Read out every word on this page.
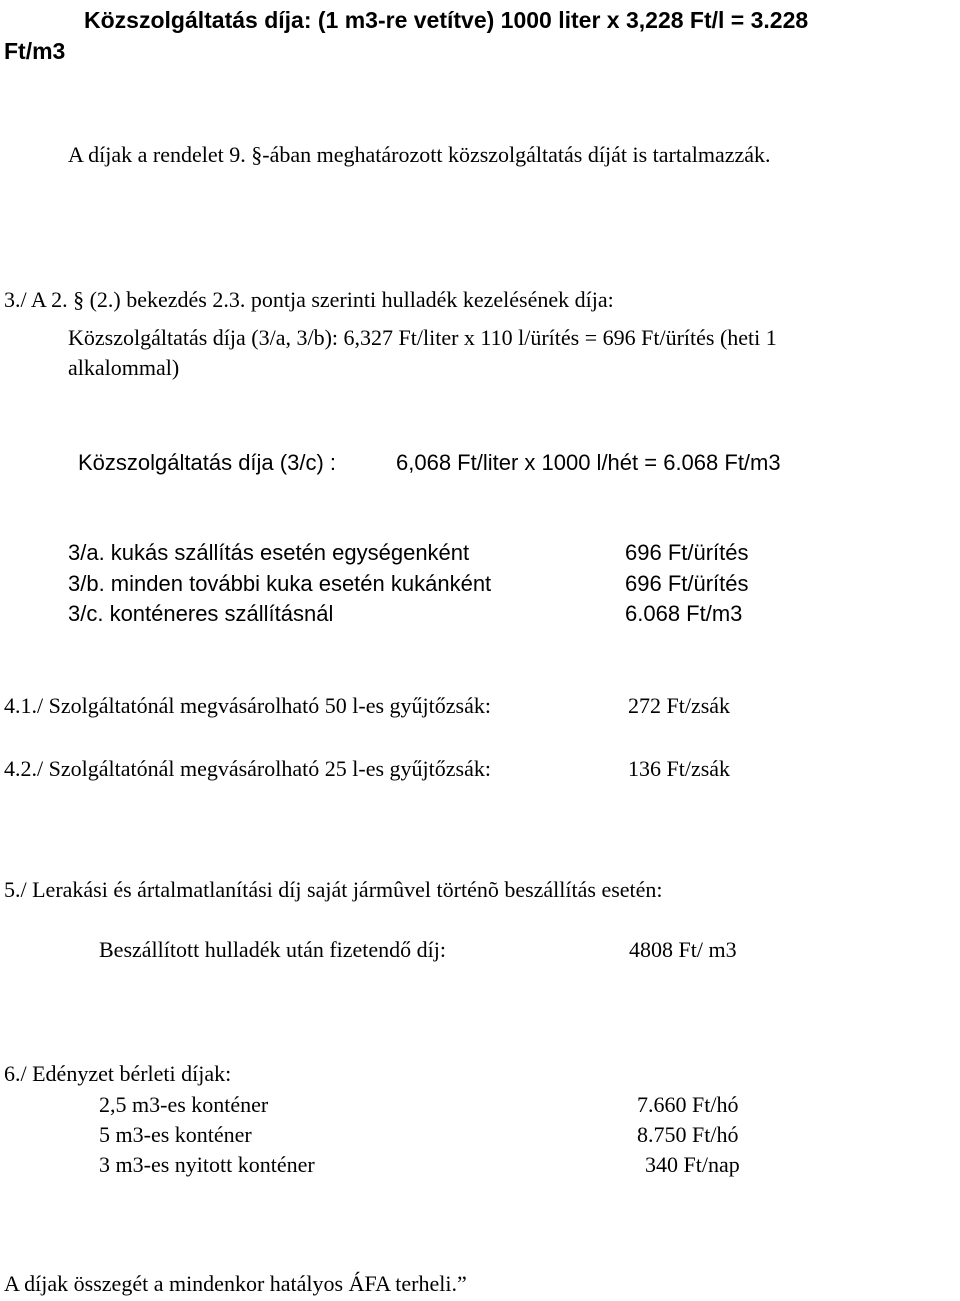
Közszolgáltatás díja: (1 m3-re vetítve) 1000 liter x 3,228 Ft/l = 3.228
Ft/m3
A díjak a rendelet 9. §-ában meghatározott közszolgáltatás díját is tartalmazzák.
3./ A 2. § (2.) bekezdés 2.3. pontja szerinti hulladék kezelésének díja:
Közszolgáltatás díja (3/a, 3/b): 6,327 Ft/liter x 110 l/ürítés = 696 Ft/ürítés (heti 1
alkalommal)
Közszolgáltatás díja (3/c) :	6,068 Ft/liter x 1000 l/hét = 6.068 Ft/m3
3/a. kukás szállítás esetén egységenként	696 Ft/ürítés
3/b. minden további kuka esetén kukánként	696 Ft/ürítés
3/c. konténeres szállításnál	6.068 Ft/m3
4.1./ Szolgáltatónál megvásárolható 50 l-es gyűjtőzsák:	272 Ft/zsák
4.2./ Szolgáltatónál megvásárolható 25 l-es gyűjtőzsák:	136 Ft/zsák
5./ Lerakási és ártalmatlanítási díj saját jármûvel történõ beszállítás esetén:
Beszállított hulladék után fizetendő díj:	4808 Ft/ m3
6./ Edényzet bérleti díjak:
2,5 m3-es konténer	7.660 Ft/hó
5 m3-es konténer	8.750 Ft/hó
3 m3-es nyitott konténer	340 Ft/nap
A díjak összegét a mindenkor hatályos ÁFA terheli.”
